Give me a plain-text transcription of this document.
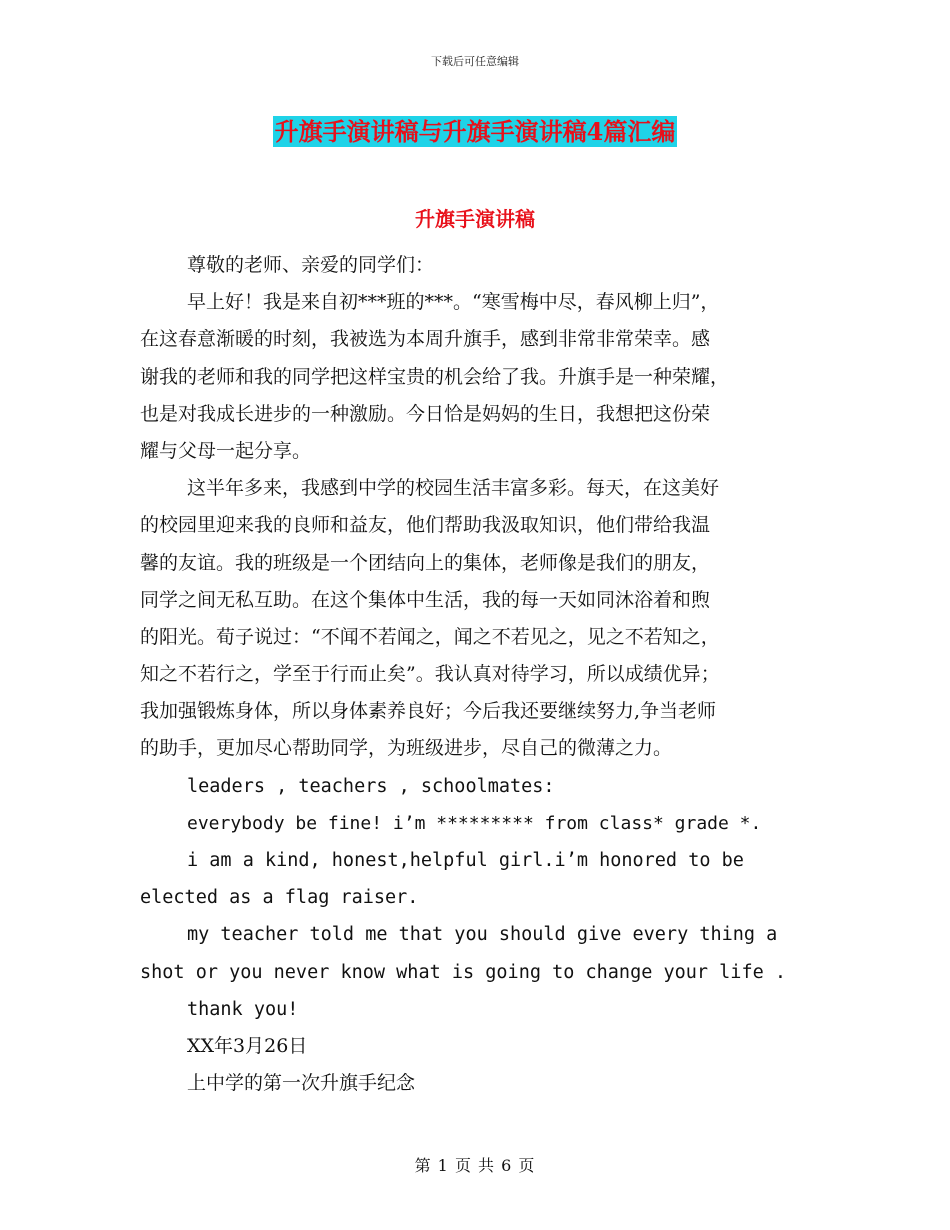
下载后可任意编辑
升旗手演讲稿与升旗手演讲稿4篇汇编
升旗手演讲稿
尊敬的老师、亲爱的同学们：
早上好！我是来自初***班的***。“寒雪梅中尽，春风柳上归”，
在这春意渐暖的时刻，我被选为本周升旗手，感到非常非常荣幸。感
谢我的老师和我的同学把这样宝贵的机会给了我。升旗手是一种荣耀，
也是对我成长进步的一种激励。今日恰是妈妈的生日，我想把这份荣
耀与父母一起分享。
这半年多来，我感到中学的校园生活丰富多彩。每天，在这美好
的校园里迎来我的良师和益友，他们帮助我汲取知识，他们带给我温
馨的友谊。我的班级是一个团结向上的集体，老师像是我们的朋友，
同学之间无私互助。在这个集体中生活，我的每一天如同沐浴着和煦
的阳光。荀子说过：“不闻不若闻之，闻之不若见之，见之不若知之，
知之不若行之，学至于行而止矣”。我认真对待学习，所以成绩优异；
我加强锻炼身体，所以身体素养良好；今后我还要继续努力,争当老师
的助手，更加尽心帮助同学，为班级进步，尽自己的微薄之力。
leaders , teachers , schoolmates:
everybody be fine! i’m ********* from class* grade *.
i am a kind, honest,helpful girl.i’m honored to be
elected as a flag raiser.
my teacher told me that you should give every thing a
shot or you never know what is going to change your life .
thank you!
XX年3月26日
上中学的第一次升旗手纪念
第 1 页 共 6 页
